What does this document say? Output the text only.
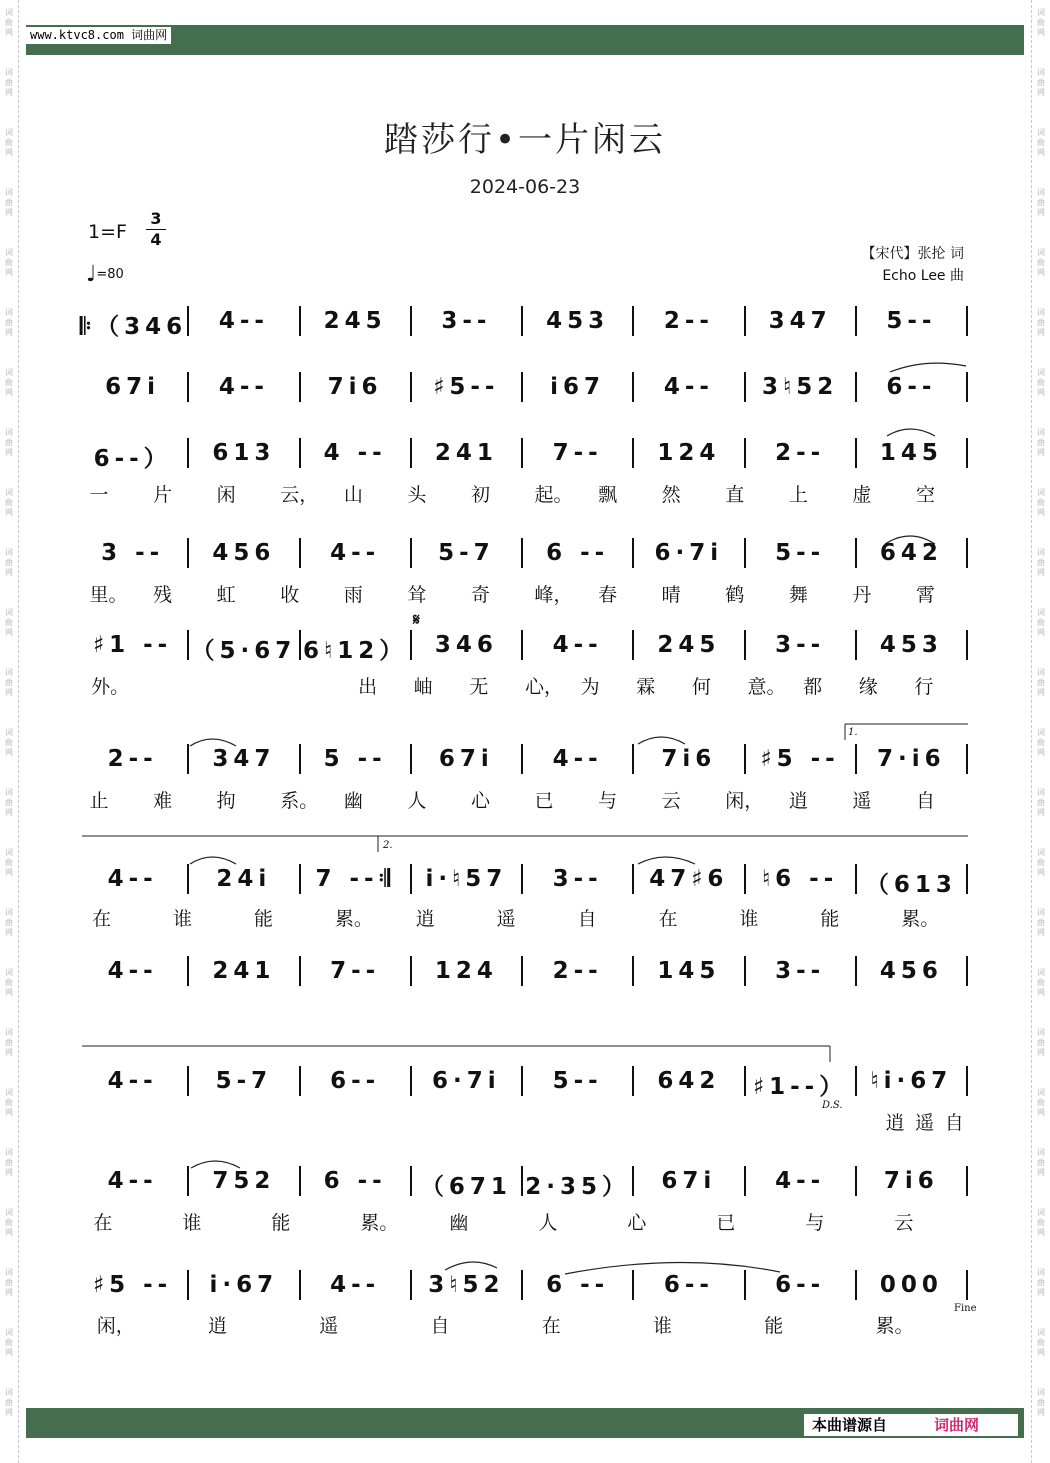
词曲网
词曲网
词曲网
词曲网
词曲网
词曲网
词曲网
词曲网
词曲网
词曲网
词曲网
词曲网
词曲网
词曲网
词曲网
词曲网
词曲网
词曲网
词曲网
词曲网
词曲网
词曲网
词曲网
词曲网
词曲网
词曲网
词曲网
词曲网
词曲网
词曲网
词曲网
词曲网
词曲网
词曲网
词曲网
词曲网
词曲网
词曲网
词曲网
词曲网
词曲网
词曲网
词曲网
词曲网
词曲网
词曲网
词曲网
词曲网
www.ktvc8.com 词曲网
踏莎行•一片闲云
2024-06-23
1=F
3
4
♩=80
【宋代】张抡 词
Echo Lee 曲
𝄆（346	4--	245	3--	453	2--	347	5--
67i	4--	7i6	♯5--	i67	4--	3♮52	6--
6--）	613	4 --	241	7--	124	2--	145
一 片 闲 云， 山 头 初 起。 飘 然 直 上 虚 空
3 --	456	4--	5-7	6 --	6·7i	5--	642
里。 残 虹 收 雨 耸 奇 峰， 春 晴 鹤 舞 丹 霄
♯1 -- （5·67 6♮12）	346	4--	245	3--	453
外。	出 岫 无 心， 为 霖 何 意。 都 缘 行
2--	347	5 --	67i	4--	7i6	♯5 --	7·i6
止 难 拘 系。 幽 人 心 已 与 云 闲， 逍 遥 自
4--	24i	7 --𝄇	i·♮57	3--	47♯6	♮6 --	（613
在	谁	能	累。 逍	遥	自	在	谁	能	累。
4--	241	7--	124	2--	145	3--	456
4--	5-7	6--	6·7i	5--	642	♯1--）	♮i·67
逍 遥 自
4--	752	6 --	（671 2·35）	67i	4--	7i6
在	谁	能	累。	幽	人	心	已	与	云
♯5 --	i·67	4--	3♮52	6 --	6--	6--	000
闲，	逍	遥	自	在	谁	能	累。
1.
2.
𝄋
D.S.
Fine
本曲谱源自	词曲网
